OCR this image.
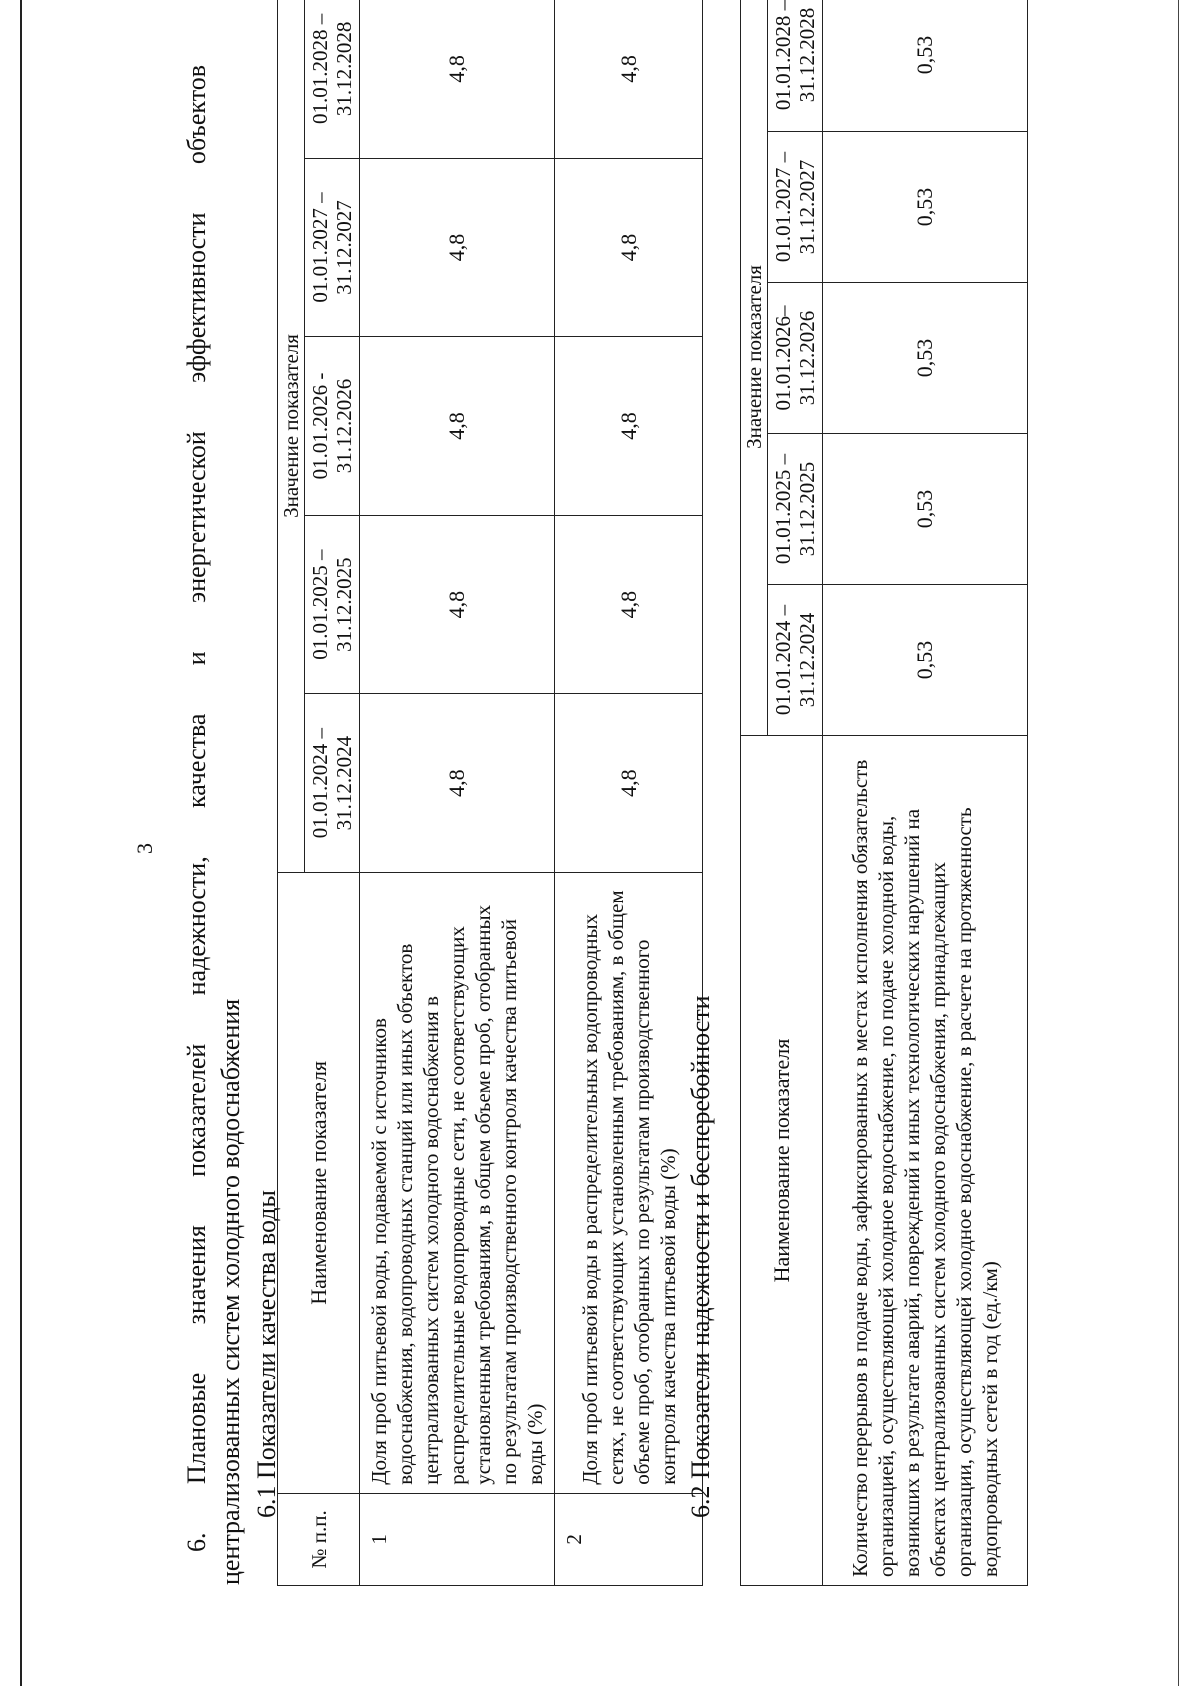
3
6.
Плановые
значения
показателей
надежности,
качества
и
энергетической
эффективности
объектов
централизованных систем холодного водоснабжения 6.1 Показатели качества воды
№ п.п.	Наименование показателя	Значение показателя				
		01.01.2024 – 31.12.2024	01.01.2025 – 31.12.2025	01.01.2026 - 31.12.2026	01.01.2027 – 31.12.2027	01.01.2028 – 31.12.2028
1	Доля проб питьевой воды, подаваемой с источников водоснабжения, водопроводных станций или иных объектов централизованных систем холодного водоснабжения в распределительные водопроводные сети, не соответствующих установленным требованиям, в общем объеме проб, отобранных по результатам производственного контроля качества питьевой воды (%)	4,8	4,8	4,8	4,8	4,8
2	Доля проб питьевой воды в распределительных водопроводных сетях, не соответствующих установленным требованиям, в общем объеме проб, отобранных по результатам производственного контроля качества питьевой воды (%)	4,8	4,8	4,8	4,8	4,8
6.2 Показатели надежности и бесперебойности Наименование показателя	Значение показателя				
	01.01.2024 – 31.12.2024	01.01.2025 – 31.12.2025	01.01.2026– 31.12.2026	01.01.2027 – 31.12.2027	01.01.2028 – 31.12.2028
Количество перерывов в подаче воды, зафиксированных в местах исполнения обязательств организацией, осуществляющей холодное водоснабжение, по подаче холодной воды, возникших в результате аварий, повреждений и иных технологических нарушений на объектах централизованных систем холодного водоснабжения, принадлежащих организации, осуществляющей холодное водоснабжение, в расчете на протяженность водопроводных сетей в год (ед./км)	0,53	0,53	0,53	0,53	0,53
